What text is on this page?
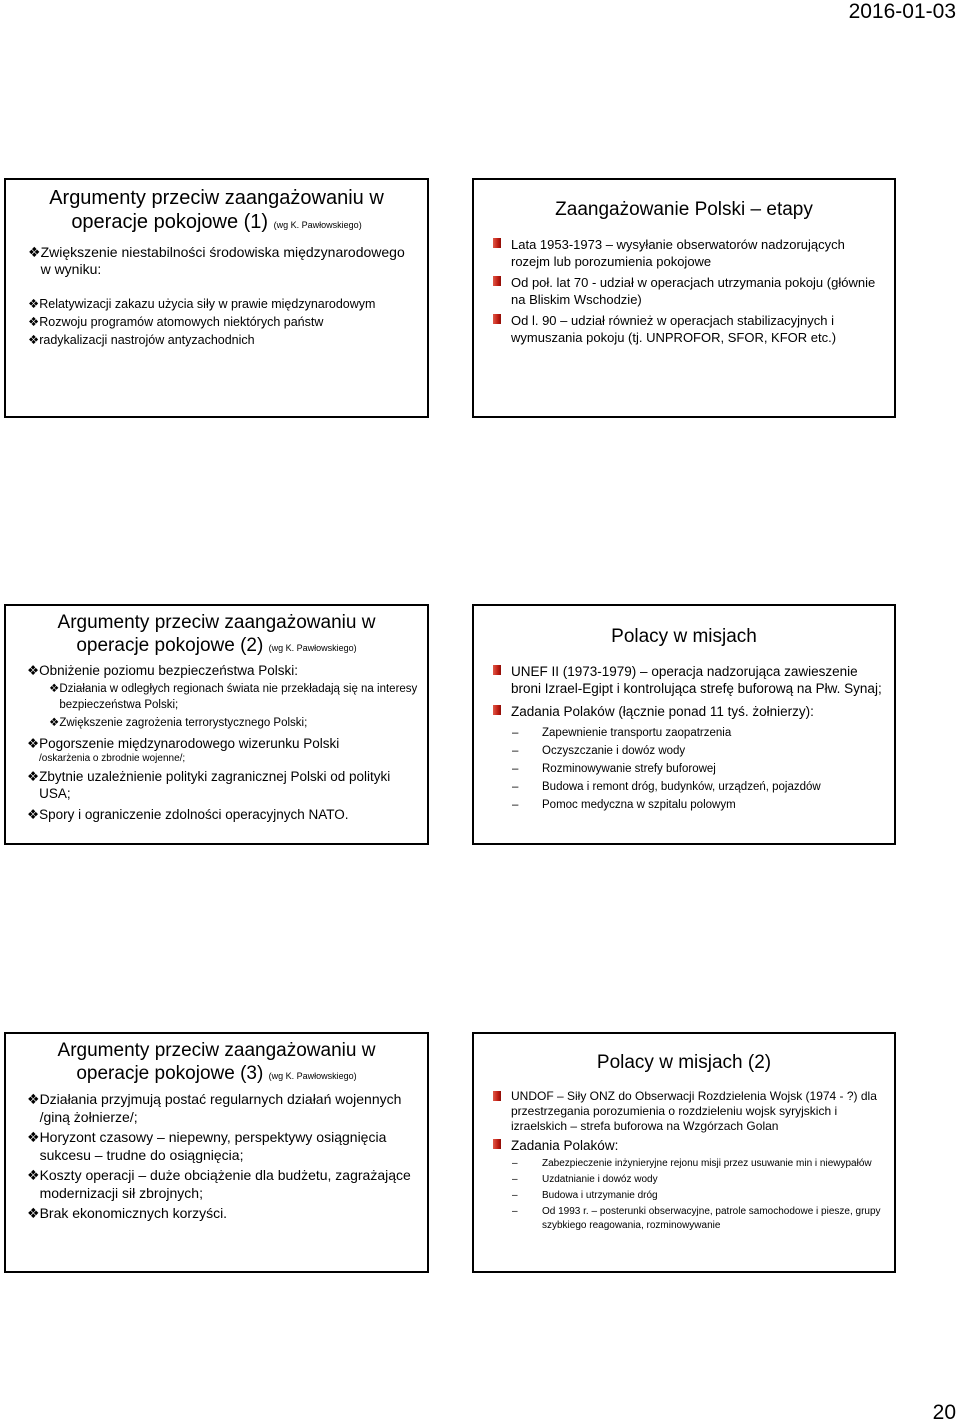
2016-01-03
Argumenty przeciw zaangażowaniu w
operacje pokojowe (1) (wg K. Pawłowskiego)
❖ Zwiększenie niestabilności środowiska międzynarodowego w wyniku:
❖ Relatywizacji zakazu użycia siły w prawie międzynarodowym
❖ Rozwoju programów atomowych niektórych państw
❖ radykalizacji nastrojów antyzachodnich
Zaangażowanie Polski – etapy
Lata 1953-1973 – wysyłanie obserwatorów nadzorujących rozejm lub porozumienia pokojowe
Od poł. lat 70 - udział w operacjach utrzymania pokoju (głównie na Bliskim Wschodzie)
Od l. 90 – udział również w operacjach stabilizacyjnych i wymuszania pokoju (tj. UNPROFOR, SFOR, KFOR etc.)
Argumenty przeciw zaangażowaniu w
operacje pokojowe (2) (wg K. Pawłowskiego)
❖ Obniżenie poziomu bezpieczeństwa Polski:
❖ Działania w odległych regionach świata nie przekładają się na interesy bezpieczeństwa Polski;
❖ Zwiększenie zagrożenia terrorystycznego Polski;
❖ Pogorszenie międzynarodowego wizerunku Polski
/oskarżenia o zbrodnie wojenne/;
❖ Zbytnie uzależnienie polityki zagranicznej Polski od polityki USA;
❖ Spory i ograniczenie zdolności operacyjnych NATO.
Polacy w misjach
UNEF II (1973-1979) – operacja nadzorująca zawieszenie broni Izrael-Egipt i kontrolująca strefę buforową na Płw. Synaj;
Zadania Polaków (łącznie ponad 11 tyś. żołnierzy):
–
Zapewnienie transportu zaopatrzenia
–
Oczyszczanie i dowóz wody
–
Rozminowywanie strefy buforowej
–
Budowa i remont dróg, budynków, urządzeń, pojazdów
–
Pomoc medyczna w szpitalu polowym
Argumenty przeciw zaangażowaniu w
operacje pokojowe (3) (wg K. Pawłowskiego)
❖ Działania przyjmują postać regularnych działań wojennych /giną żołnierze/;
❖ Horyzont czasowy – niepewny, perspektywy osiągnięcia sukcesu – trudne do osiągnięcia;
❖ Koszty operacji – duże obciążenie dla budżetu, zagrażające modernizacji sił zbrojnych;
❖ Brak ekonomicznych korzyści.
Polacy w misjach (2)
UNDOF – Siły ONZ do Obserwacji Rozdzielenia Wojsk (1974 - ?) dla przestrzegania porozumienia o rozdzieleniu wojsk syryjskich i izraelskich – strefa buforowa na Wzgórzach Golan
Zadania Polaków:
–
Zabezpieczenie inżynieryjne rejonu misji przez usuwanie min i niewypałów
–
Uzdatnianie i dowóz wody
–
Budowa i utrzymanie dróg
–
Od 1993 r. – posterunki obserwacyjne, patrole samochodowe i piesze, grupy szybkiego reagowania, rozminowywanie
20
